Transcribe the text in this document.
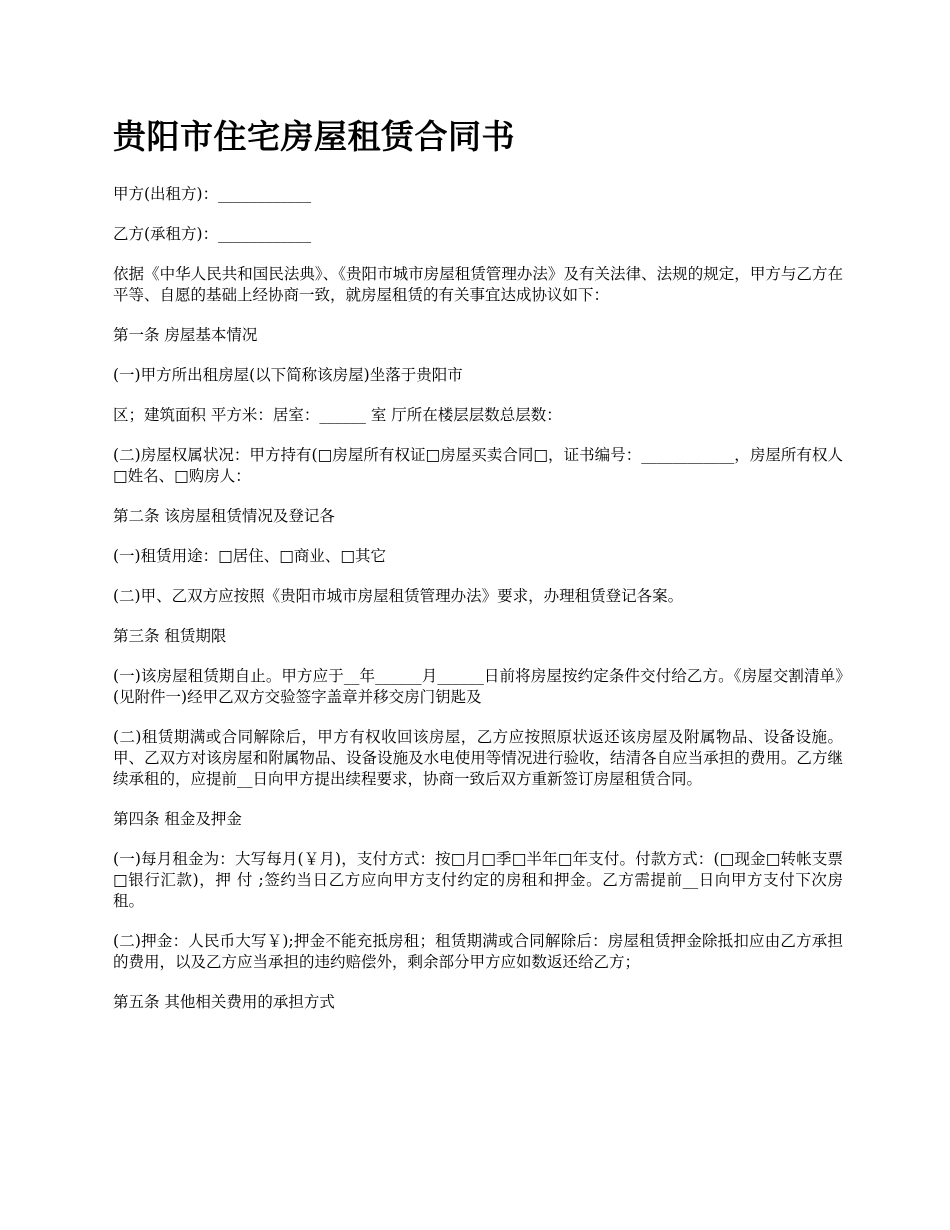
贵阳市住宅房屋租赁合同书

甲方(出租方)：____________

乙方(承租方)：____________

依据《中华人民共和国民法典》、《贵阳市城市房屋租赁管理办法》及有关法律、法规的规定，甲方与乙方在平等、自愿的基础上经协商一致，就房屋租赁的有关事宜达成协议如下：

第一条 房屋基本情况

(一)甲方所出租房屋(以下简称该房屋)坐落于贵阳市

区；建筑面积 平方米：居室：______ 室 厅所在楼层层数总层数：

(二)房屋权属状况：甲方持有(□房屋所有权证□房屋买卖合同□，证书编号：____________，房屋所有权人□姓名、□购房人：

第二条 该房屋租赁情况及登记各

(一)租赁用途：□居住、□商业、□其它

(二)甲、乙双方应按照《贵阳市城市房屋租赁管理办法》要求，办理租赁登记各案。

第三条 租赁期限

(一)该房屋租赁期自止。甲方应于__年______月______日前将房屋按约定条件交付给乙方。《房屋交割清单》(见附件一)经甲乙双方交验签字盖章并移交房门钥匙及

(二)租赁期满或合同解除后，甲方有权收回该房屋，乙方应按照原状返还该房屋及附属物品、设备设施。甲、乙双方对该房屋和附属物品、设备设施及水电使用等情况进行验收，结清各自应当承担的费用。乙方继续承租的，应提前__日向甲方提出续程要求，协商一致后双方重新签订房屋租赁合同。

第四条 租金及押金

(一)每月租金为：大写每月(￥月)，支付方式：按□月□季□半年□年支付。付款方式：(□现金□转帐支票□银行汇款)，押 付 ;签约当日乙方应向甲方支付约定的房租和押金。乙方需提前__日向甲方支付下次房租。

(二)押金：人民币大写￥);押金不能充抵房租；租赁期满或合同解除后：房屋租赁押金除抵扣应由乙方承担的费用，以及乙方应当承担的违约赔偿外，剩余部分甲方应如数返还给乙方；

第五条 其他相关费用的承担方式
